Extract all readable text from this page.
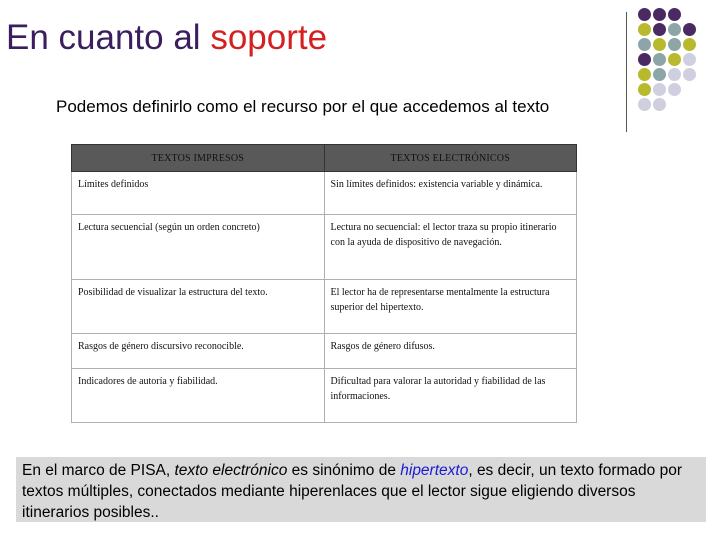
En cuanto al soporte
Podemos definirlo como el recurso por el que accedemos al texto
TEXTOS IMPRESOS	TEXTOS ELECTRÓNICOS
Límites definidos	Sin límites definidos: existencia variable y dinámica.
Lectura secuencial (según un orden concreto)	Lectura no secuencial: el lector traza su propio itinerario con la ayuda de dispositivo de navegación.
Posibilidad de visualizar la estructura del texto.	El lector ha de representarse mentalmente la estructura superior del hipertexto.
Rasgos de género discursivo reconocible.	Rasgos de género difusos.
Indicadores de autoría y fiabilidad.	Dificultad para valorar la autoridad y fiabilidad de las informaciones.
En el marco de PISA, texto electrónico es sinónimo de hipertexto, es decir, un texto formado por textos múltiples, conectados mediante hiperenlaces que el lector sigue eligiendo diversos itinerarios posibles..
